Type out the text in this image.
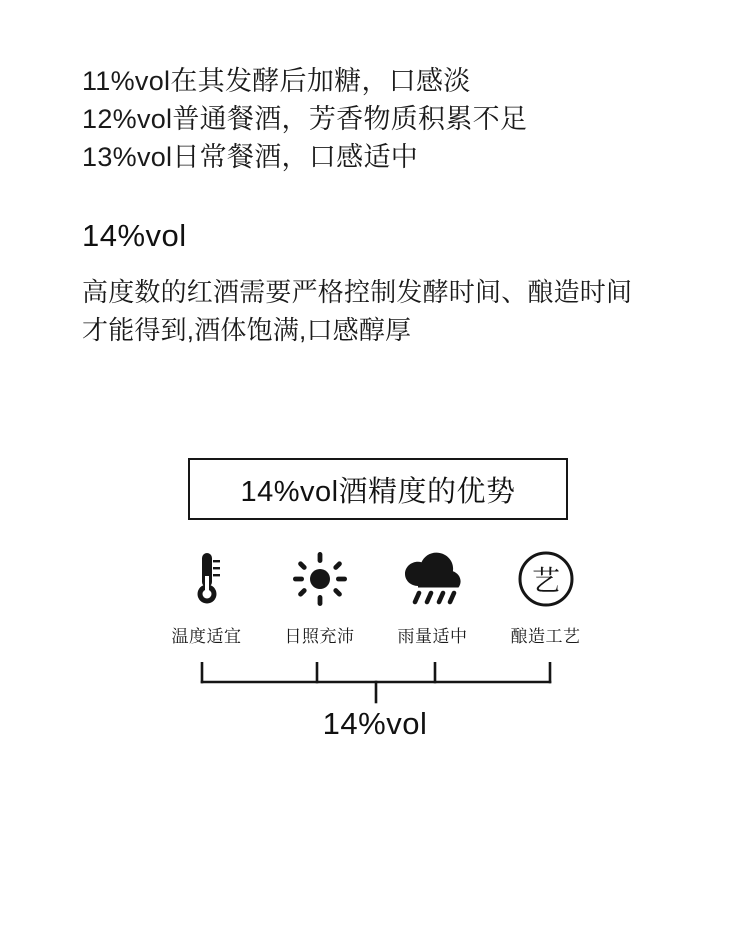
11%vol在其发酵后加糖，口感淡
12%vol普通餐酒，芳香物质积累不足
13%vol日常餐酒，口感适中
14%vol
高度数的红酒需要严格控制发酵时间、酿造时间
才能得到,酒体饱满,口感醇厚
14%vol酒精度的优势
温度适宜	日照充沛	雨量适中
艺
酿造工艺
14%vol
